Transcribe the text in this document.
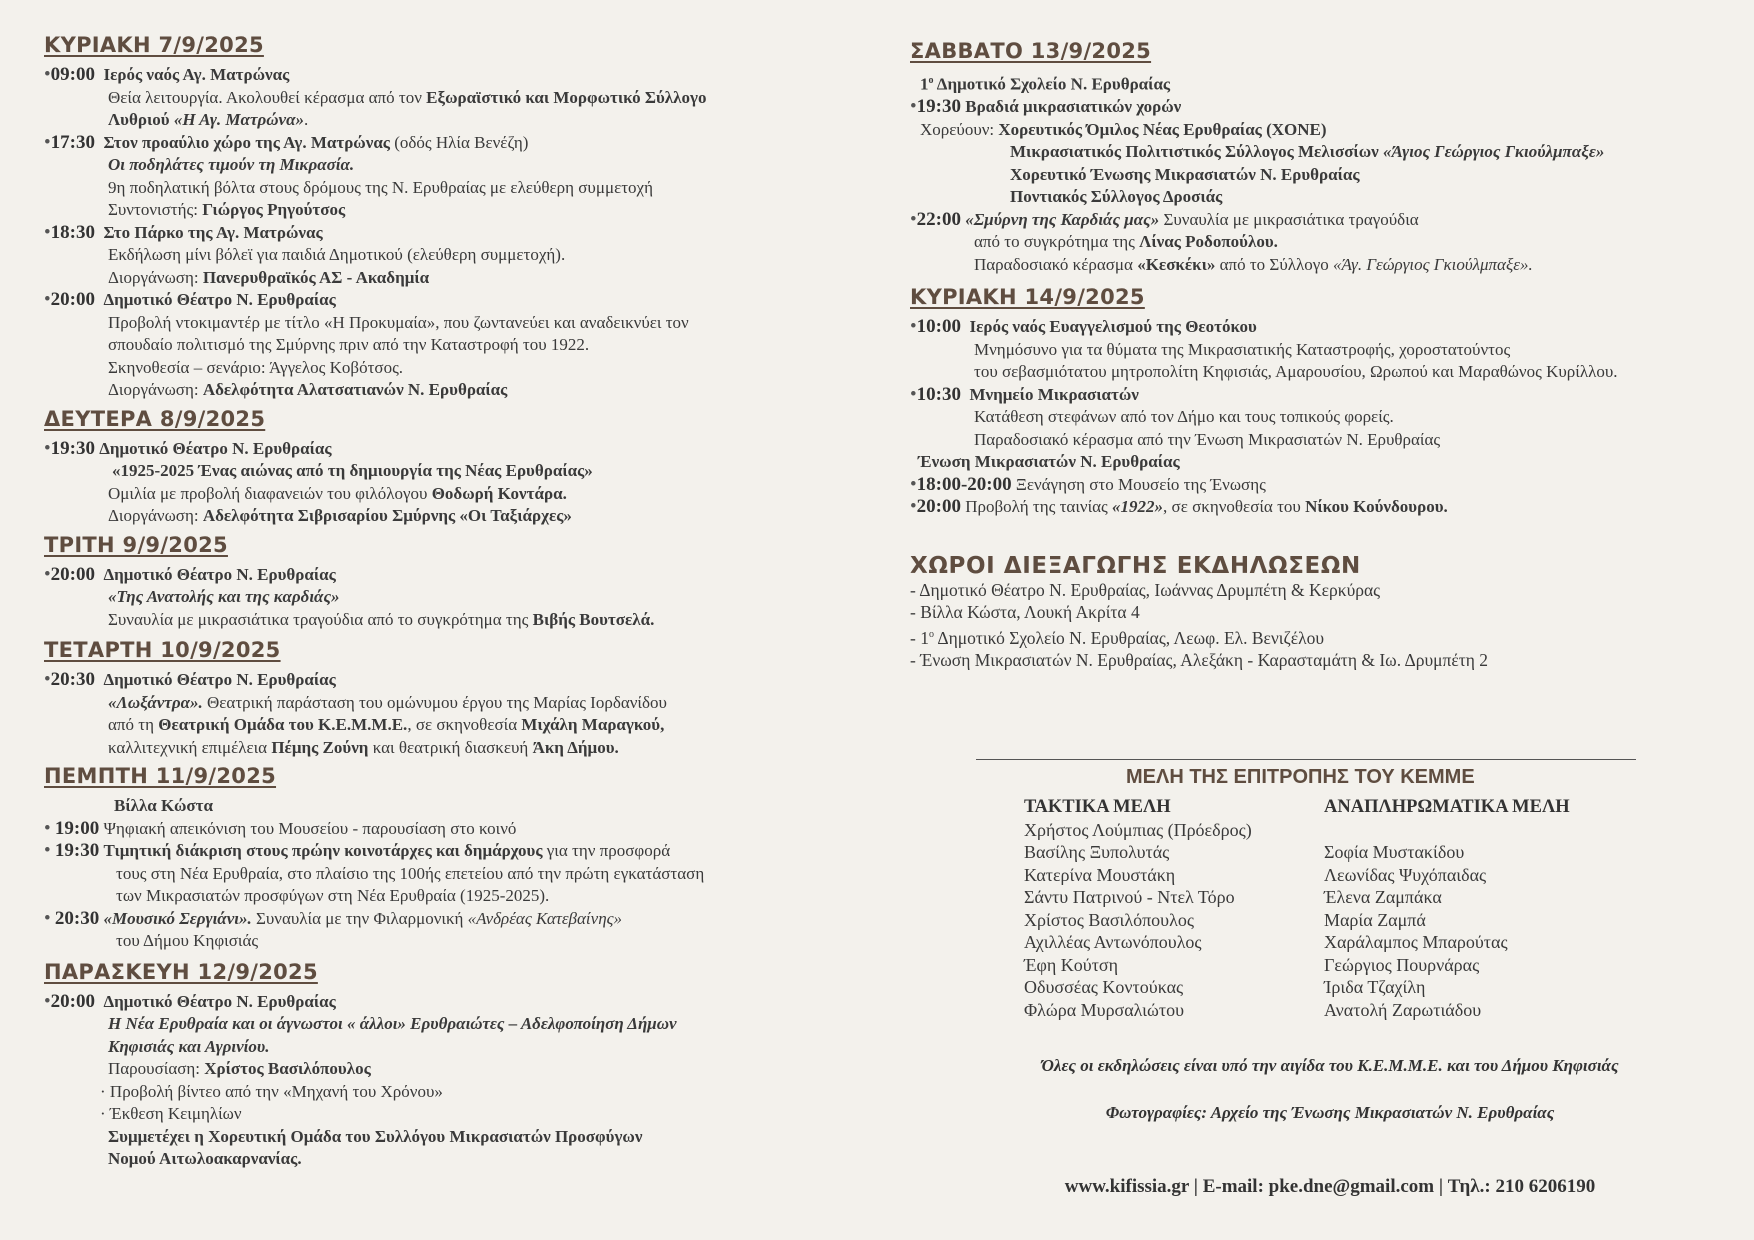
ΚΥΡΙΑΚΗ 7/9/2025
•09:00 Ιερός ναός Αγ. Ματρώνας
Θεία λειτουργία. Ακολουθεί κέρασμα από τον Εξωραϊστικό και Μορφωτικό Σύλλογο
Λυθριού «Η Αγ. Ματρώνα».
•17:30 Στον προαύλιο χώρο της Αγ. Ματρώνας (οδός Ηλία Βενέζη)
Οι ποδηλάτες τιμούν τη Μικρασία.
9η ποδηλατική βόλτα στους δρόμους της Ν. Ερυθραίας με ελεύθερη συμμετοχή
Συντονιστής: Γιώργος Ρηγούτσος
•18:30 Στο Πάρκο της Αγ. Ματρώνας
Εκδήλωση μίνι βόλεϊ για παιδιά Δημοτικού (ελεύθερη συμμετοχή).
Διοργάνωση: Πανερυθραϊκός ΑΣ - Ακαδημία
•20:00 Δημοτικό Θέατρο Ν. Ερυθραίας
Προβολή ντοκιμαντέρ με τίτλο «Η Προκυμαία», που ζωντανεύει και αναδεικνύει τον
σπουδαίο πολιτισμό της Σμύρνης πριν από την Καταστροφή του 1922.
Σκηνοθεσία – σενάριο: Άγγελος Κοβότσος.
Διοργάνωση: Αδελφότητα Αλατσατιανών Ν. Ερυθραίας
ΔΕΥΤΕΡΑ 8/9/2025
•19:30 Δημοτικό Θέατρο Ν. Ερυθραίας
«1925-2025 Ένας αιώνας από τη δημιουργία της Νέας Ερυθραίας»
Ομιλία με προβολή διαφανειών του φιλόλογου Θοδωρή Κοντάρα.
Διοργάνωση: Αδελφότητα Σιβρισαρίου Σμύρνης «Οι Ταξιάρχες»
ΤΡΙΤΗ 9/9/2025
•20:00 Δημοτικό Θέατρο Ν. Ερυθραίας
«Της Ανατολής και της καρδιάς»
Συναυλία με μικρασιάτικα τραγούδια από το συγκρότημα της Βιβής Βουτσελά.
ΤΕΤΑΡΤΗ 10/9/2025
•20:30 Δημοτικό Θέατρο Ν. Ερυθραίας
«Λωξάντρα». Θεατρική παράσταση του ομώνυμου έργου της Μαρίας Ιορδανίδου
από τη Θεατρική Ομάδα του Κ.Ε.Μ.Μ.Ε., σε σκηνοθεσία Μιχάλη Μαραγκού,
καλλιτεχνική επιμέλεια Πέμης Ζούνη και θεατρική διασκευή Άκη Δήμου.
ΠΕΜΠΤΗ 11/9/2025
Βίλλα Κώστα
• 19:00 Ψηφιακή απεικόνιση του Μουσείου - παρουσίαση στο κοινό
• 19:30 Τιμητική διάκριση στους πρώην κοινοτάρχες και δημάρχους για την προσφορά
τους στη Νέα Ερυθραία, στο πλαίσιο της 100ής επετείου από την πρώτη εγκατάσταση
των Μικρασιατών προσφύγων στη Νέα Ερυθραία (1925-2025).
• 20:30 «Μουσικό Σεργιάνι». Συναυλία με την Φιλαρμονική «Ανδρέας Κατεβαίνης»
του Δήμου Κηφισιάς
ΠΑΡΑΣΚΕΥΗ 12/9/2025
•20:00 Δημοτικό Θέατρο Ν. Ερυθραίας
Η Νέα Ερυθραία και οι άγνωστοι « άλλοι» Ερυθραιώτες – Αδελφοποίηση Δήμων
Κηφισιάς και Αγρινίου.
Παρουσίαση: Χρίστος Βασιλόπουλος
· Προβολή βίντεο από την «Μηχανή του Χρόνου»
· Έκθεση Κειμηλίων
Συμμετέχει η Χορευτική Ομάδα του Συλλόγου Μικρασιατών Προσφύγων
Νομού Αιτωλοακαρνανίας.
ΣΑΒΒΑΤΟ 13/9/2025
$1^o$ Δημοτικό Σχολείο Ν. Ερυθραίας
•19:30 Βραδιά μικρασιατικών χορών
Χορεύουν: Χορευτικός Όμιλος Νέας Ερυθραίας (ΧΟΝΕ)
Μικρασιατικός Πολιτιστικός Σύλλογος Μελισσίων «Άγιος Γεώργιος Γκιούλμπαξε»
Χορευτικό Ένωσης Μικρασιατών Ν. Ερυθραίας
Ποντιακός Σύλλογος Δροσιάς
•22:00 «Σμύρνη της Καρδιάς μας» Συναυλία με μικρασιάτικα τραγούδια
από το συγκρότημα της Λίνας Ροδοπούλου.
Παραδοσιακό κέρασμα «Κεσκέκι» από το Σύλλογο «Άγ. Γεώργιος Γκιούλμπαξε».
ΚΥΡΙΑΚΗ 14/9/2025
•10:00 Ιερός ναός Ευαγγελισμού της Θεοτόκου
Μνημόσυνο για τα θύματα της Μικρασιατικής Καταστροφής, χοροστατούντος
του σεβασμιότατου μητροπολίτη Κηφισιάς, Αμαρουσίου, Ωρωπού και Μαραθώνος Κυρίλλου.
•10:30 Μνημείο Μικρασιατών
Κατάθεση στεφάνων από τον Δήμο και τους τοπικούς φορείς.
Παραδοσιακό κέρασμα από την Ένωση Μικρασιατών Ν. Ερυθραίας
Ένωση Μικρασιατών Ν. Ερυθραίας
•18:00-20:00 Ξενάγηση στο Μουσείο της Ένωσης
•20:00 Προβολή της ταινίας «1922», σε σκηνοθεσία του Νίκου Κούνδουρου.
ΧΩΡΟΙ ΔΙΕΞΑΓΩΓΗΣ ΕΚΔΗΛΩΣΕΩΝ
- Δημοτικό Θέατρο Ν. Ερυθραίας, Ιωάννας Δρυμπέτη & Κερκύρας
- Βίλλα Κώστα, Λουκή Ακρίτα 4
- $1^o$ Δημοτικό Σχολείο Ν. Ερυθραίας, Λεωφ. Ελ. Βενιζέλου
- Ένωση Μικρασιατών Ν. Ερυθραίας, Αλεξάκη - Καρασταμάτη & Ιω. Δρυμπέτη 2
ΜΕΛΗ ΤΗΣ ΕΠΙΤΡΟΠΗΣ ΤΟΥ ΚΕΜΜΕ
ΤΑΚΤΙΚΑ ΜΕΛΗ
Χρήστος Λούμπιας (Πρόεδρος)
Βασίλης Ξυπολυτάς
Κατερίνα Μουστάκη
Σάντυ Πατρινού - Ντελ Τόρο
Χρίστος Βασιλόπουλος
Αχιλλέας Αντωνόπουλος
Έφη Κούτση
Οδυσσέας Κοντούκας
Φλώρα Μυρσαλιώτου
ΑΝΑΠΛΗΡΩΜΑΤΙΚΑ ΜΕΛΗ
Σοφία Μυστακίδου
Λεωνίδας Ψυχόπαιδας
Έλενα Ζαμπάκα
Μαρία Ζαμπά
Χαράλαμπος Μπαρούτας
Γεώργιος Πουρνάρας
Ίριδα Τζαχίλη
Ανατολή Ζαρωτιάδου
Όλες οι εκδηλώσεις είναι υπό την αιγίδα του Κ.Ε.Μ.Μ.Ε. και του Δήμου Κηφισιάς
Φωτογραφίες: Αρχείο της Ένωσης Μικρασιατών Ν. Ερυθραίας
www.kifissia.gr | E-mail: pke.dne@gmail.com | Τηλ.: 210 6206190
